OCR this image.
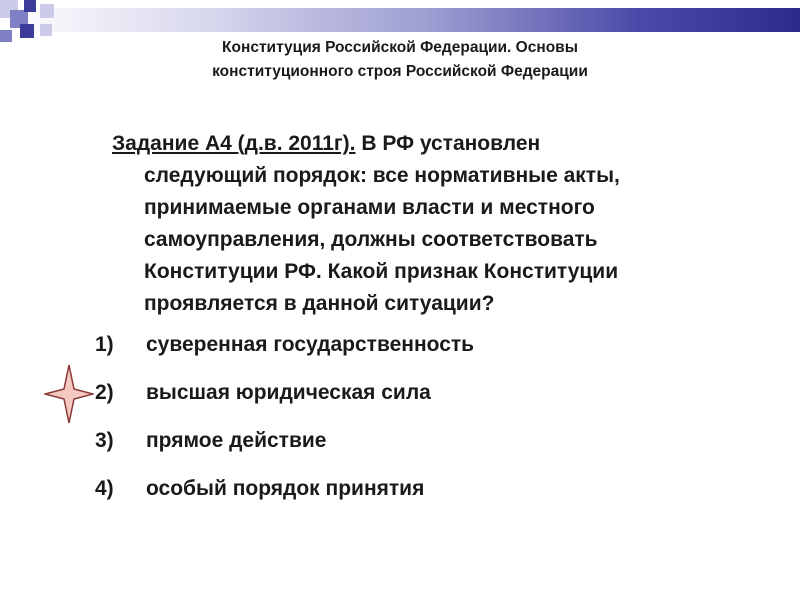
Конституция Российской Федерации. Основы
конституционного строя Российской Федерации
Задание А4 (д.в. 2011г). В РФ установлен
следующий порядок: все нормативные акты,
принимаемые органами власти и местного
самоуправления, должны соответствовать
Конституции РФ. Какой признак Конституции
проявляется в данной ситуации?
1) суверенная государственность
2) высшая юридическая сила
3) прямое действие
4) особый порядок принятия
